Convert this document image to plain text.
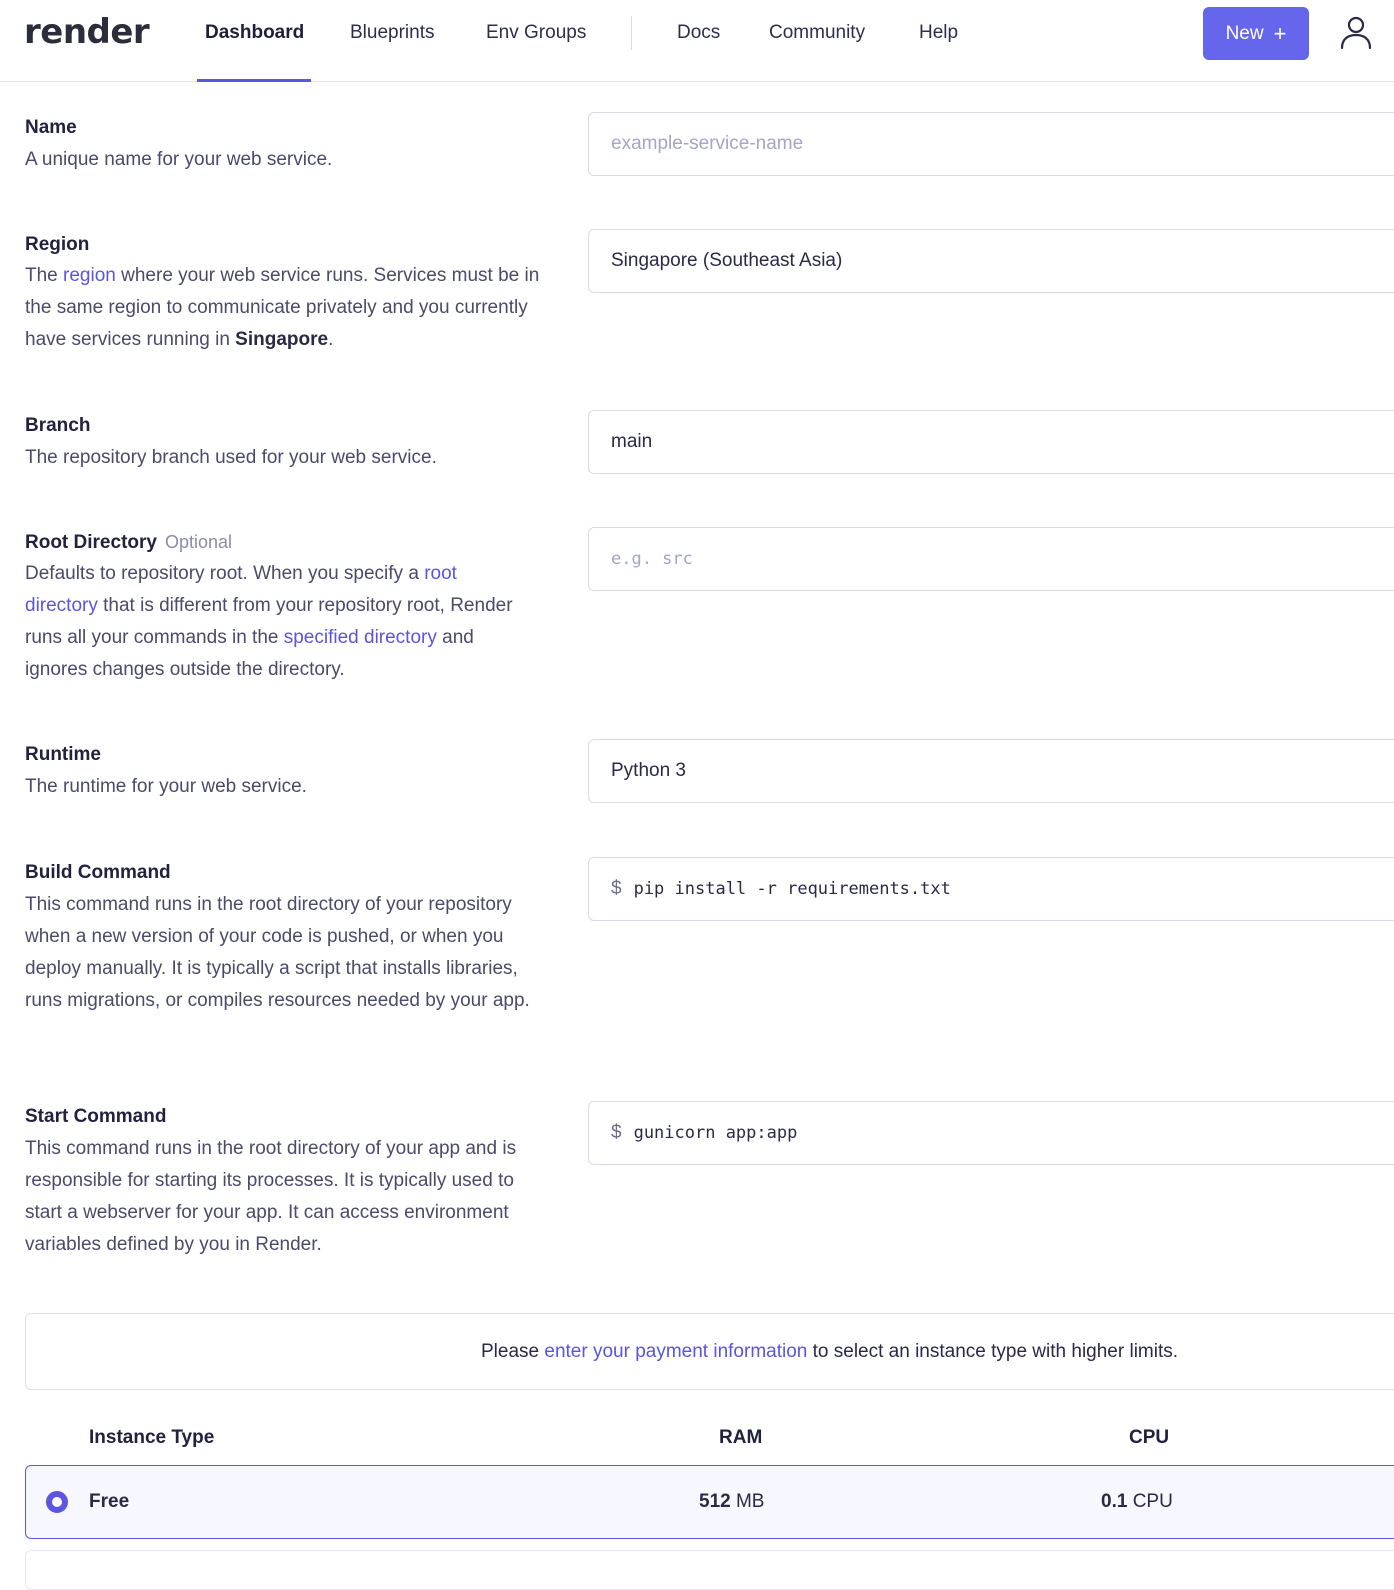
render	Dashboard Blueprints	Env Groups	Docs	Community	Help	New +
Name
A unique name for your web service.
example-service-name
Region
The region where your web service runs. Services must be in the same region to communicate privately and you currently have services running in Singapore.
Singapore (Southeast Asia)
Branch
The repository branch used for your web service.
main
Root Directory Optional
Defaults to repository root. When you specify a root directory that is different from your repository root, Render runs all your commands in the specified directory and ignores changes outside the directory.
e.g. src
Runtime
The runtime for your web service.
Python 3
Build Command
This command runs in the root directory of your repository when a new version of your code is pushed, or when you deploy manually. It is typically a script that installs libraries, runs migrations, or compiles resources needed by your app.
$ pip install -r requirements.txt
Start Command
This command runs in the root directory of your app and is responsible for starting its processes. It is typically used to start a webserver for your app. It can access environment variables defined by you in Render.
$ gunicorn app:app
Please enter your payment information to select an instance type with higher limits.
Instance Type	RAM	CPU
Free	512 MB	0.1 CPU
